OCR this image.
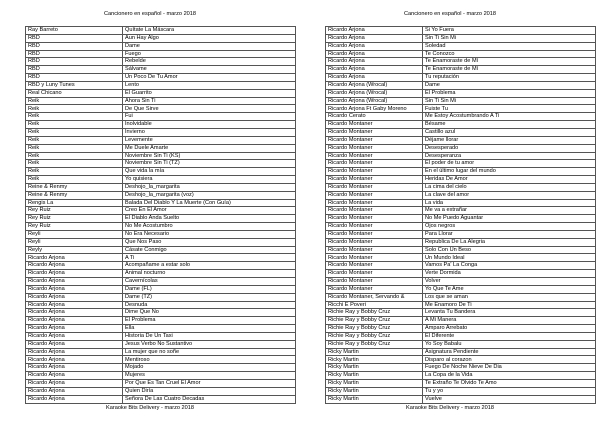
Cancionero en español - marzo 2018
Ray Barreto	Quítate La Máscara
RBD	Aun Hay Algo
RBD	Dame
RBD	Fuego
RBD	Rebelde
RBD	Sálvame
RBD	Un Poco De Tu Amor
RBD y Luny Tunes	Lento
Real Chicano	El Guarrito
Reik	Ahora Sin Ti
Reik	De Que Sirve
Reik	Fui
Reik	Inolvidable
Reik	Invierno
Reik	Levemente
Reik	Me Duele Amarte
Reik	Noviembre Sin Ti (KS)
Reik	Noviembre Sin Ti (TZ)
Reik	Que vida la mía
Reik	Yo quisiera
Reine & Renmy	Deshojo_la_margarita
Reine & Renmy	Deshojo_la_margarita (voz)
Rengis La	Balada Del Diablo Y La Muerte (Con Guía)
Rey Ruiz	Creo En El Amor
Rey Ruiz	El Diablo Anda Suelto
Rey Ruiz	No Me Acostumbro
Reyli	No Era Necesario
Reyli	Que Nos Paso
Reyly	Cásate Conmigo
Ricardo Arjona	A Ti
Ricardo Arjona	Acompañame a estar solo
Ricardo Arjona	Animal nocturno
Ricardo Arjona	Cavernícolas
Ricardo Arjona	Dame (FL)
Ricardo Arjona	Dame (TZ)
Ricardo Arjona	Desnuda
Ricardo Arjona	Dime Que No
Ricardo Arjona	El Problema
Ricardo Arjona	Ella
Ricardo Arjona	Historia De Un Taxi
Ricardo Arjona	Jesus Verbo No Sustantivo
Ricardo Arjona	La mujer que no soñe
Ricardo Arjona	Mentiroso
Ricardo Arjona	Mojado
Ricardo Arjona	Mujeres
Ricardo Arjona	Por Que Es Tan Cruel El Amor
Ricardo Arjona	Quien Diría
Ricardo Arjona	Señora De Las Cuatro Decadas
Karaoke Bits Delivery - marzo 2018
Cancionero en español - marzo 2018
Ricardo Arjona	Si Yo Fuera
Ricardo Arjona	Sin Ti Sin Mi
Ricardo Arjona	Soledad
Ricardo Arjona	Te Conozco
Ricardo Arjona	Te Enamoraste de Mí
Ricardo Arjona	Te Enamoraste de Mí
Ricardo Arjona	Tu reputación
Ricardo Arjona (Wrocal)	Dame
Ricardo Arjona (Wrocal)	El Problema
Ricardo Arjona (Wrocal)	Sin Ti Sin Mi
Ricardo Arjona Ft Gaby Moreno	Fuiste Tu
Ricardo Cerato	Me Estoy Acostumbrando A Ti
Ricardo Montaner	Bésame
Ricardo Montaner	Castillo azul
Ricardo Montaner	Déjame llorar
Ricardo Montaner	Desesperado
Ricardo Montaner	Desesperanza
Ricardo Montaner	El poder de tu amor
Ricardo Montaner	En el último lugar del mundo
Ricardo Montaner	Heridas De Amor
Ricardo Montaner	La cima del cielo
Ricardo Montaner	La clave del amor
Ricardo Montaner	La vida
Ricardo Montaner	Me va a extrañar
Ricardo Montaner	No Me Puedo Aguantar
Ricardo Montaner	Ojos negros
Ricardo Montaner	Para Llorar
Ricardo Montaner	Republica De La Alegria
Ricardo Montaner	Solo Con Un Beso
Ricardo Montaner	Un Mundo Ideal
Ricardo Montaner	Vamos Pa' La Conga
Ricardo Montaner	Verte Dormida
Ricardo Montaner	Volver
Ricardo Montaner	Yo Que Te Ame
Ricardo Montaner, Servando &	Los que se aman
Ricchi E Poveri	Me Enamoro De Ti
Richie Ray y Bobby Cruz	Levanta Tu Bandera
Richie Ray y Bobby Cruz	A Mi Manera
Richie Ray y Bobby Cruz	Amparo Arrebato
Richie Ray y Bobby Cruz	El Diferente
Richie Ray y Bobby Cruz	Yo Soy Babalu
Ricky Martin	Asignatura Pendiente
Ricky Martin	Disparo al corazon
Ricky Martin	Fuego De Noche Nieve De Dia
Ricky Martin	La Copa de la Vida
Ricky Martin	Te Extraño Te Olvido Te Amo
Ricky Martin	Tu y yo
Ricky Martin	Vuelve
Karaoke Bits Delivery - marzo 2018
